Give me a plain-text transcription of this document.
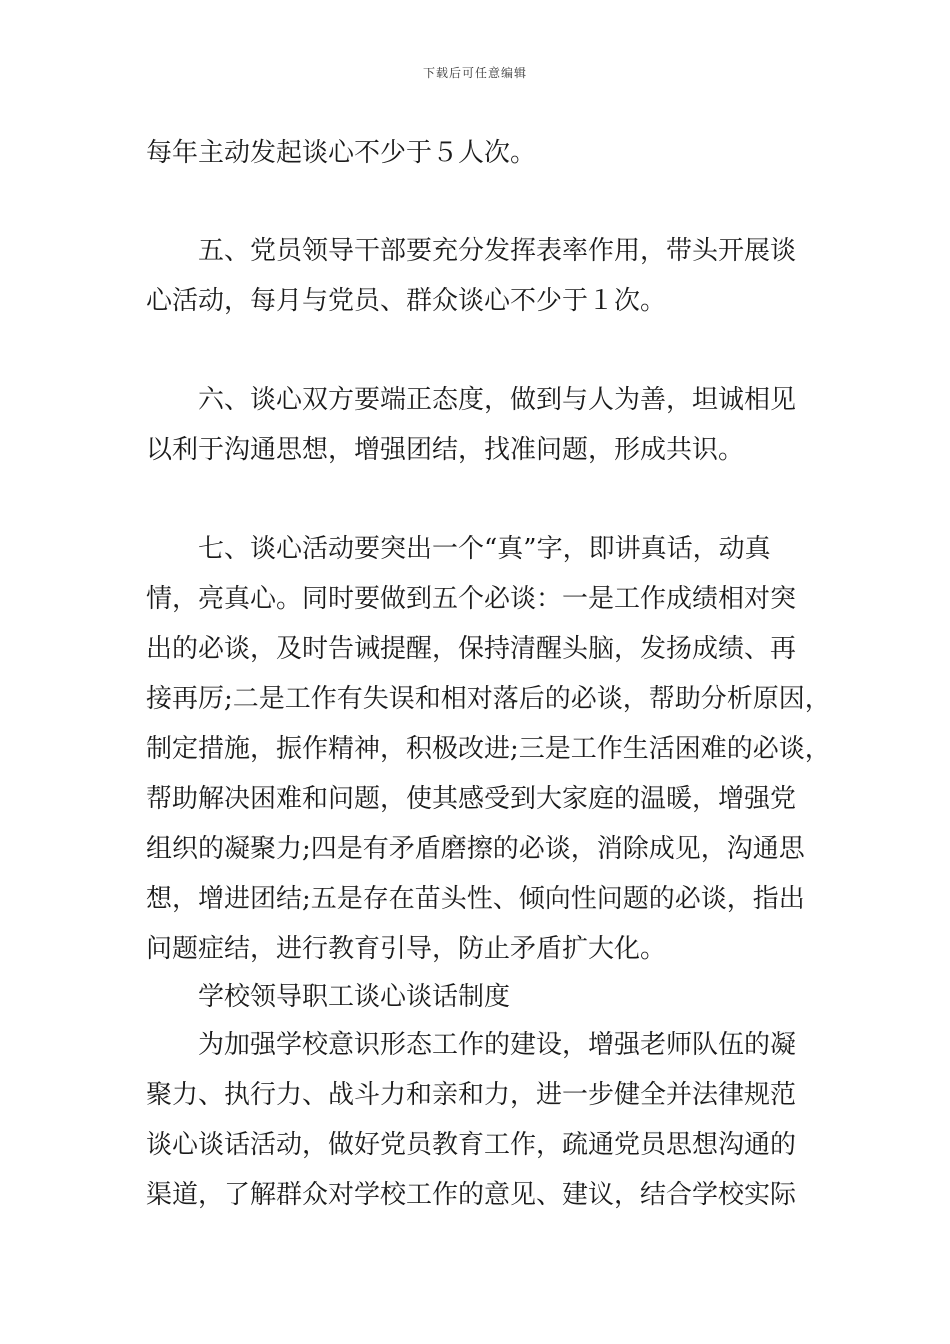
下载后可任意编辑
每年主动发起谈心不少于５人次。
五、党员领导干部要充分发挥表率作用，带头开展谈
心活动，每月与党员、群众谈心不少于１次。
六、谈心双方要端正态度，做到与人为善，坦诚相见
以利于沟通思想，增强团结，找准问题，形成共识。
七、谈心活动要突出一个“真”字，即讲真话，动真
情，亮真心。同时要做到五个必谈：一是工作成绩相对突
出的必谈，及时告诫提醒，保持清醒头脑，发扬成绩、再
接再厉;二是工作有失误和相对落后的必谈，帮助分析原因，
制定措施，振作精神，积极改进;三是工作生活困难的必谈，
帮助解决困难和问题，使其感受到大家庭的温暖，增强党
组织的凝聚力;四是有矛盾磨擦的必谈，消除成见，沟通思
想，增进团结;五是存在苗头性、倾向性问题的必谈，指出
问题症结，进行教育引导，防止矛盾扩大化。
学校领导职工谈心谈话制度
为加强学校意识形态工作的建设，增强老师队伍的凝
聚力、执行力、战斗力和亲和力，进一步健全并法律规范
谈心谈话活动，做好党员教育工作，疏通党员思想沟通的
渠道，了解群众对学校工作的意见、建议，结合学校实际
